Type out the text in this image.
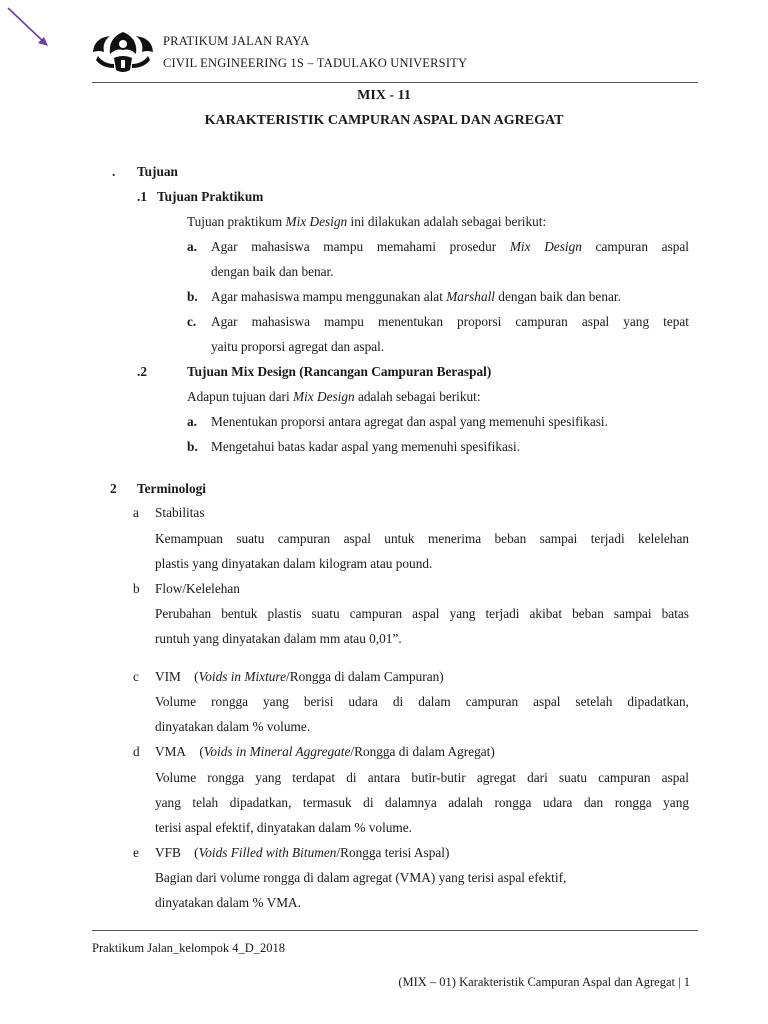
PRATIKUM JALAN RAYA
CIVIL ENGINEERING 1S – TADULAKO UNIVERSITY
MIX - 11
KARAKTERISTIK CAMPURAN ASPAL DAN AGREGAT
. Tujuan
.1 Tujuan Praktikum
Tujuan praktikum Mix Design ini dilakukan adalah sebagai berikut:
a. Agar mahasiswa mampu memahami prosedur Mix Design campuran aspal
dengan baik dan benar.
b. Agar mahasiswa mampu menggunakan alat Marshall dengan baik dan benar.
c. Agar mahasiswa mampu menentukan proporsi campuran aspal yang tepat
yaitu proporsi agregat dan aspal.
.2	Tujuan Mix Design (Rancangan Campuran Beraspal)
Adapun tujuan dari Mix Design adalah sebagai berikut:
a. Menentukan proporsi antara agregat dan aspal yang memenuhi spesifikasi.
b. Mengetahui batas kadar aspal yang memenuhi spesifikasi.
2 Terminologi
a Stabilitas
Kemampuan suatu campuran aspal untuk menerima beban sampai terjadi kelelehan
plastis yang dinyatakan dalam kilogram atau pound.
b Flow/Kelelehan
Perubahan bentuk plastis suatu campuran aspal yang terjadi akibat beban sampai batas
runtuh yang dinyatakan dalam mm atau 0,01”.
c VIM (Voids in Mixture/Rongga di dalam Campuran)
Volume rongga yang berisi udara di dalam campuran aspal setelah dipadatkan,
dinyatakan dalam % volume.
d VMA (Voids in Mineral Aggregate/Rongga di dalam Agregat)
Volume rongga yang terdapat di antara butir-butir agregat dari suatu campuran aspal
yang telah dipadatkan, termasuk di dalamnya adalah rongga udara dan rongga yang
terisi aspal efektif, dinyatakan dalam % volume.
e VFB (Voids Filled with Bitumen/Rongga terisi Aspal)
Bagian dari volume rongga di dalam agregat (VMA) yang terisi aspal efektif,
dinyatakan dalam % VMA.
Praktikum Jalan_kelompok 4_D_2018
(MIX – 01) Karakteristik Campuran Aspal dan Agregat | 1
